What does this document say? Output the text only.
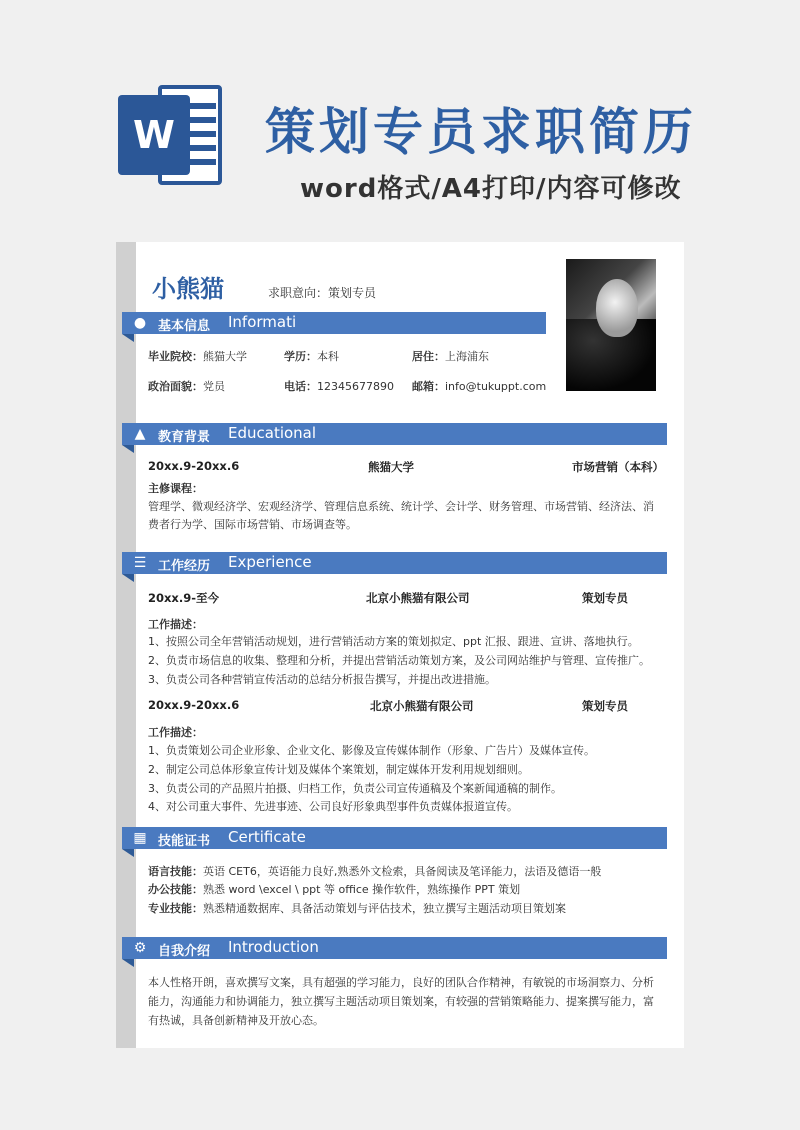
W	策划专员求职简历
word格式/A4打印/内容可修改
小熊猫	求职意向：策划专员
● 基本信息 Informati
毕业院校：熊猫大学	学历：本科	居住：上海浦东
政治面貌：党员	电话：12345677890 邮箱：info@tukuppt.com
▲ 教育背景 Educational
20xx.9-20xx.6	熊猫大学	市场营销（本科）
主修课程：
管理学、微观经济学、宏观经济学、管理信息系统、统计学、会计学、财务管理、市场营销、经济法、消费者行为学、国际市场营销、市场调查等。
☰ 工作经历 Experience
20xx.9-至今	北京小熊猫有限公司	策划专员
工作描述：
1、按照公司全年营销活动规划，进行营销活动方案的策划拟定、ppt 汇报、跟进、宣讲、落地执行。
2、负责市场信息的收集、整理和分析，并提出营销活动策划方案，及公司网站维护与管理、宣传推广。
3、负责公司各种营销宣传活动的总结分析报告撰写，并提出改进措施。
20xx.9-20xx.6	北京小熊猫有限公司	策划专员
工作描述：
1、负责策划公司企业形象、企业文化、影像及宣传媒体制作（形象、广告片）及媒体宣传。
2、制定公司总体形象宣传计划及媒体个案策划，制定媒体开发利用规划细则。
3、负责公司的产品照片拍摄、归档工作，负责公司宣传通稿及个案新闻通稿的制作。
4、对公司重大事件、先进事迹、公司良好形象典型事件负责媒体报道宣传。
▦ 技能证书 Certificate
语言技能：英语 CET6，英语能力良好,熟悉外文检索，具备阅读及笔译能力，法语及德语一般
办公技能：熟悉 word \excel \ ppt 等 office 操作软件，熟练操作 PPT 策划
专业技能：熟悉精通数据库、具备活动策划与评估技术，独立撰写主题活动项目策划案
⚙ 自我介绍 Introduction
本人性格开朗，喜欢撰写文案，具有超强的学习能力，良好的团队合作精神，有敏锐的市场洞察力、分析能力，沟通能力和协调能力，独立撰写主题活动项目策划案，有较强的营销策略能力、提案撰写能力，富有热诚，具备创新精神及开放心态。
